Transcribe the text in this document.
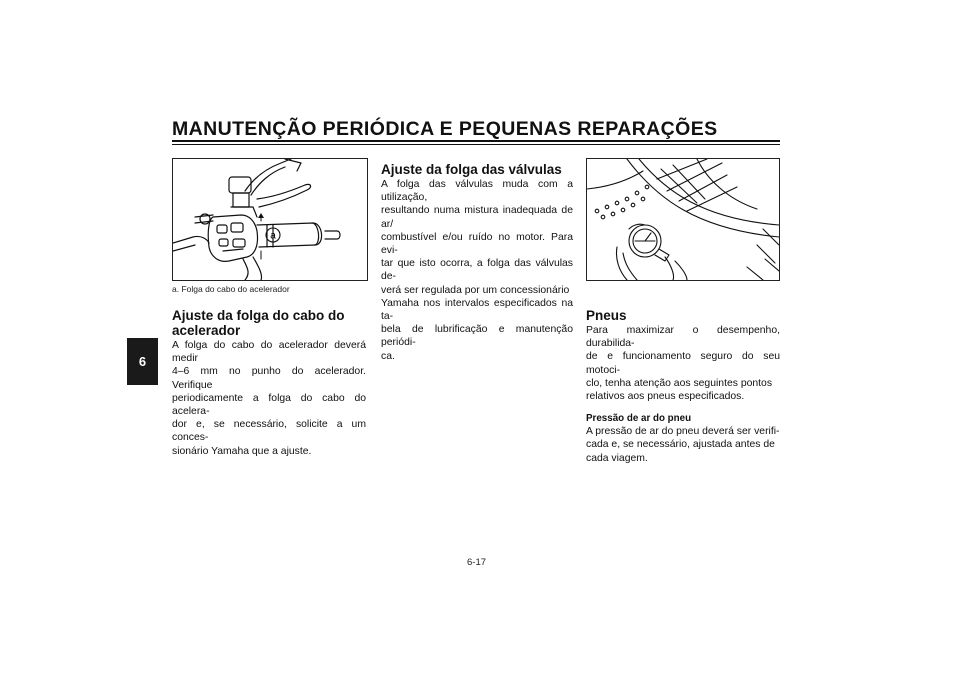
MANUTENÇÃO PERIÓDICA E PEQUENAS REPARAÇÕES
6
a
a. Folga do cabo do acelerador
Ajuste da folga do cabo do acelerador

A folga do cabo do acelerador deverá medir

4–6 mm no punho do acelerador. Verifique

periodicamente a folga do cabo do acelera-

dor e, se necessário, solicite a um conces-

sionário Yamaha que a ajuste.

Ajuste da folga das válvulas

A folga das válvulas muda com a utilização,

resultando numa mistura inadequada de ar/

combustível e/ou ruído no motor. Para evi-

tar que isto ocorra, a folga das válvulas de-

verá ser regulada por um concessionário

Yamaha nos intervalos especificados na ta-

bela de lubrificação e manutenção periódi-

ca.

Pneus

Para maximizar o desempenho, durabilida-

de e funcionamento seguro do seu motoci-

clo, tenha atenção aos seguintes pontos

relativos aos pneus especificados.

Pressão de ar do pneu

A pressão de ar do pneu deverá ser verifi-

cada e, se necessário, ajustada antes de

cada viagem.

6-17
